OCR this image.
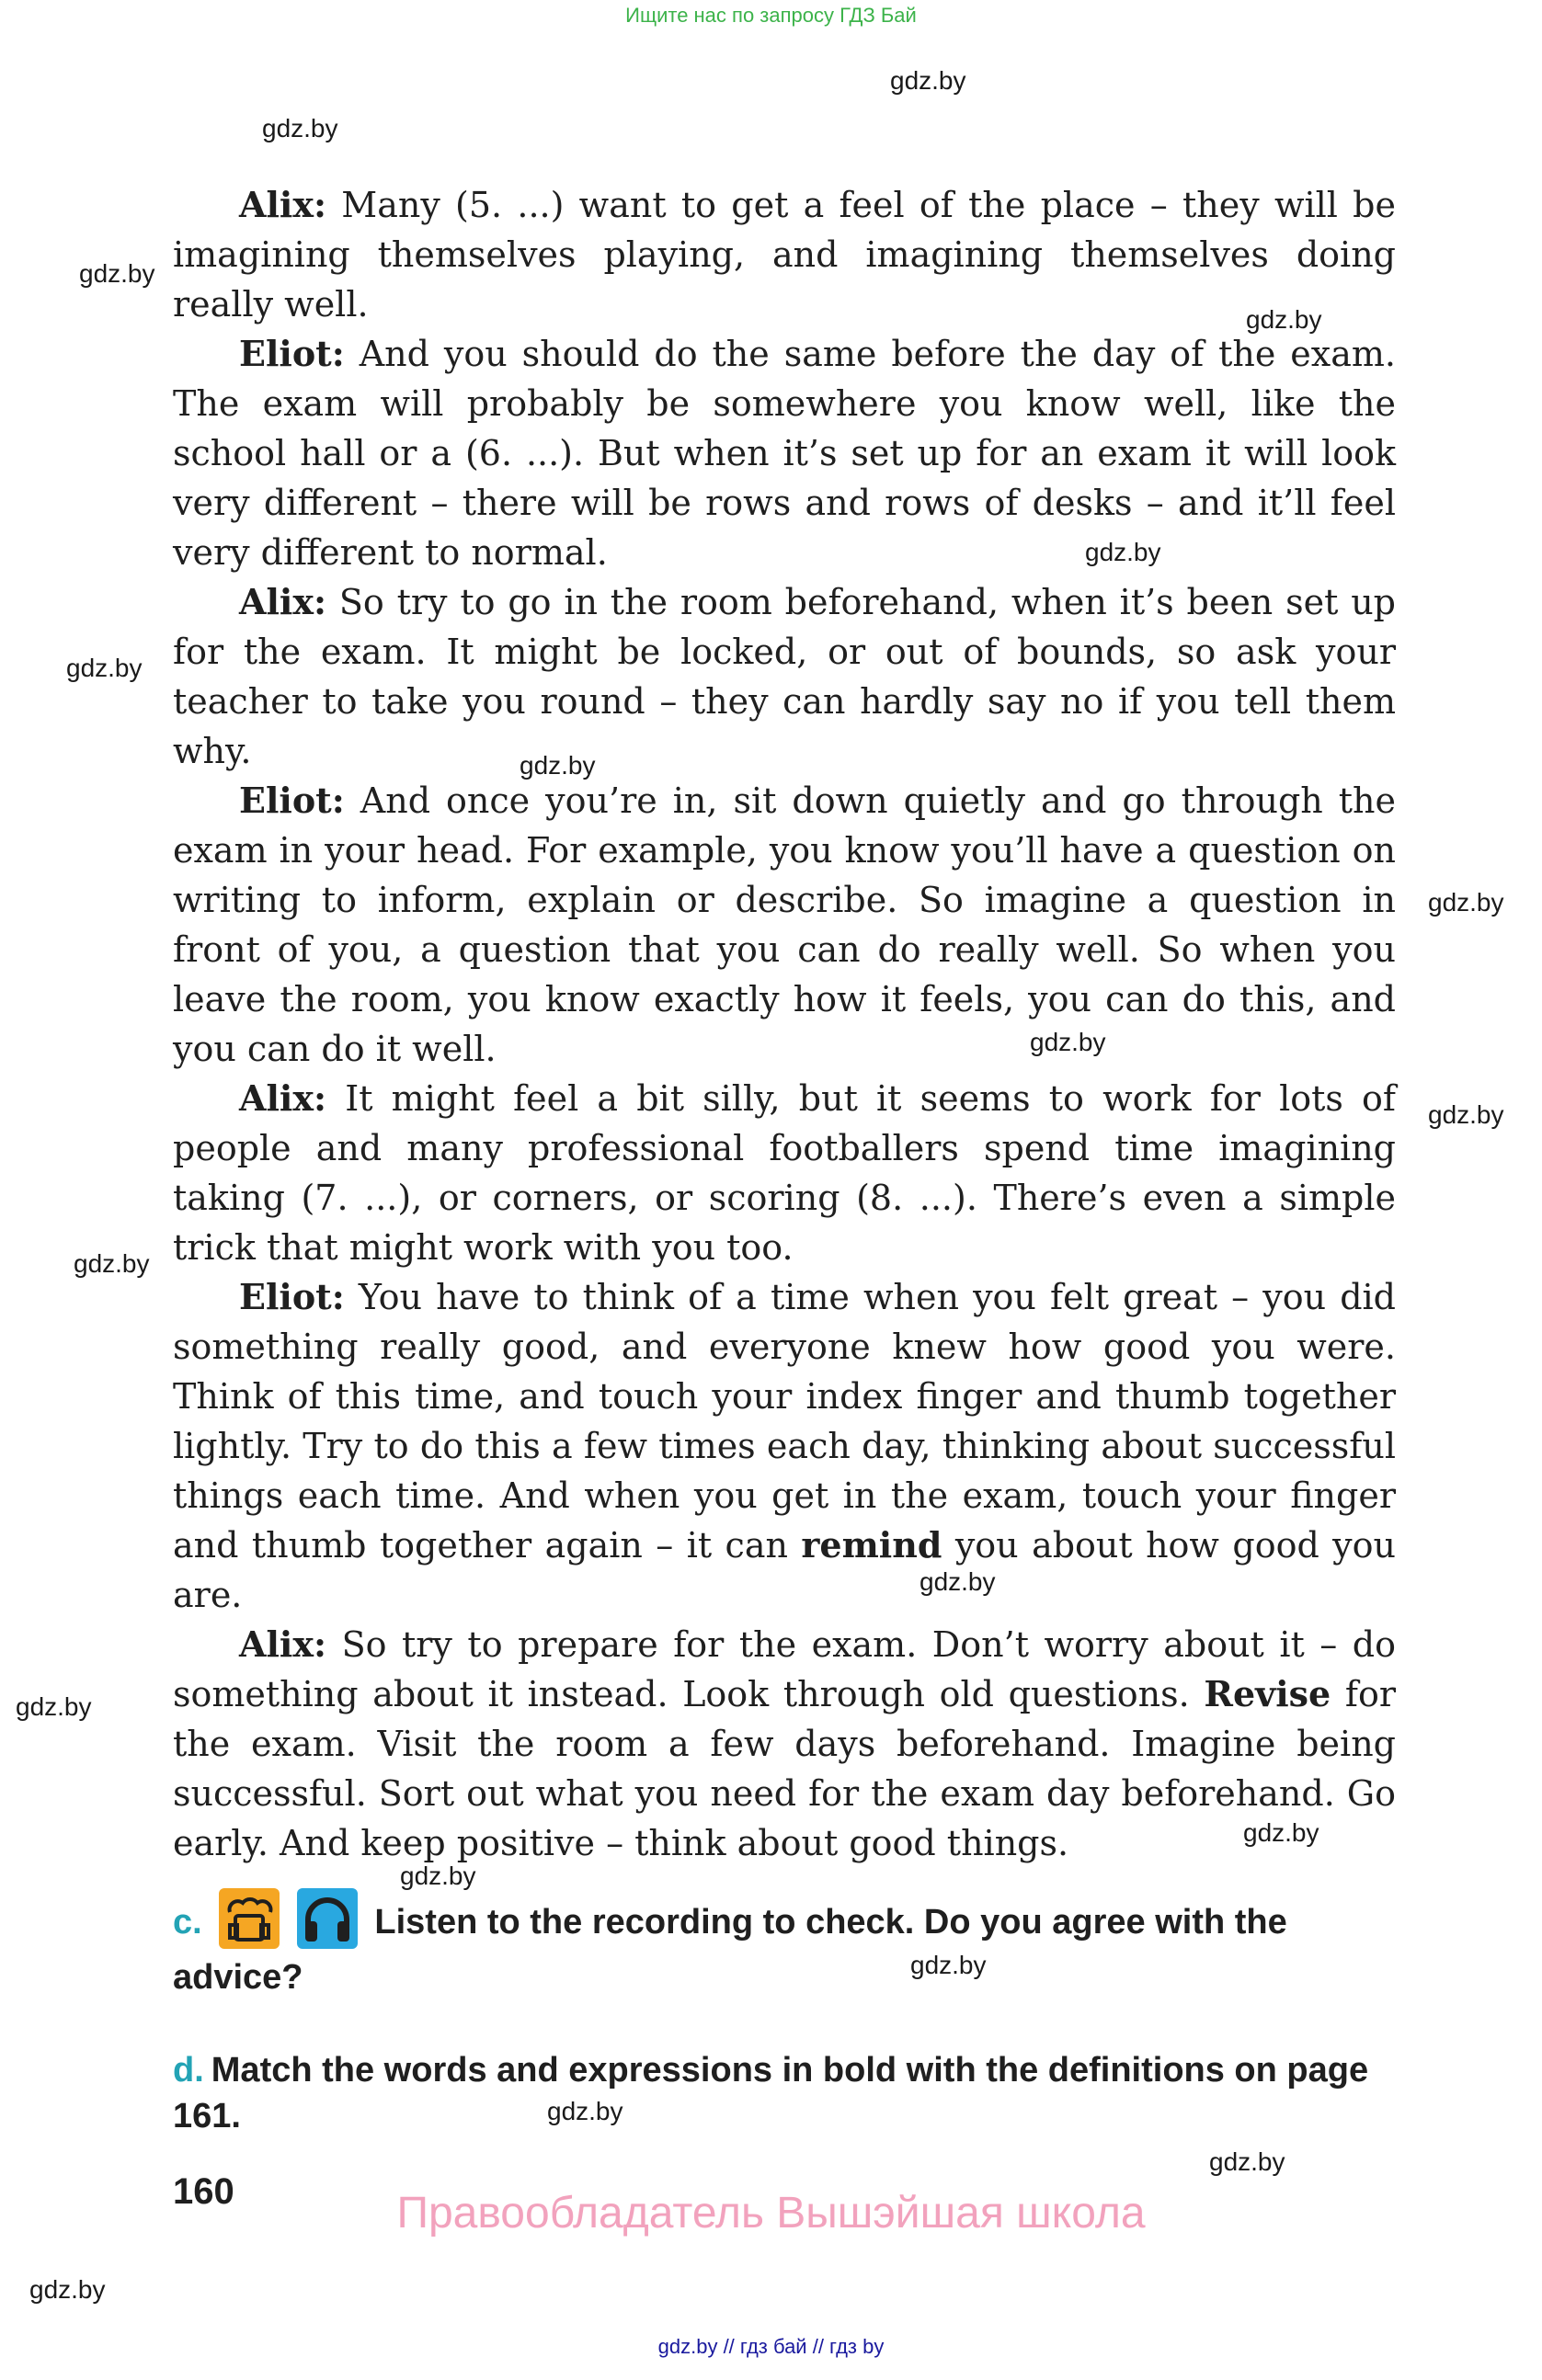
Ищите нас по запросу ГДЗ Бай
gdz.by
gdz.by
gdz.by
gdz.by
gdz.by
gdz.by
gdz.by
gdz.by
gdz.by
gdz.by
gdz.by
gdz.by
gdz.by
gdz.by
gdz.by
gdz.by
gdz.by
gdz.by
gdz.by

Alix: Many (5. ...) want to get a feel of the place – they will be imagining themselves playing, and imagining themselves doing really well.

Eliot: And you should do the same before the day of the exam. The exam will probably be somewhere you know well, like the school hall or a (6. ...). But when it’s set up for an exam it will look very different – there will be rows and rows of desks – and it’ll feel very different to normal.

Alix: So try to go in the room beforehand, when it’s been set up for the exam. It might be locked, or out of bounds, so ask your teacher to take you round – they can hardly say no if you tell them why.

Eliot: And once you’re in, sit down quietly and go through the exam in your head. For example, you know you’ll have a question on writing to inform, explain or describe. So imagine a question in front of you, a question that you can do really well. So when you leave the room, you know exactly how it feels, you can do this, and you can do it well.

Alix: It might feel a bit silly, but it seems to work for lots of people and many professional footballers spend time imagining taking (7. ...), or corners, or scoring (8. ...). There’s even a simple trick that might work with you too.

Eliot: You have to think of a time when you felt great – you did something really good, and everyone knew how good you were. Think of this time, and touch your index finger and thumb together lightly. Try to do this a few times each day, thinking about successful things each time. And when you get in the exam, touch your finger and thumb together again – it can remind you about how good you are.

Alix: So try to prepare for the exam. Don’t worry about it – do something about it instead. Look through old questions. Revise for the exam. Visit the room a few days beforehand. Imagine being successful. Sort out what you need for the exam day beforehand. Go early. And keep positive – think about good things.

c.	Listen to the recording to check. Do you agree with the advice?
d. Match the words and expressions in bold with the definitions on page 161.
160	Правообладатель Вышэйшая школа
gdz.by // гдз бай // гдз by
